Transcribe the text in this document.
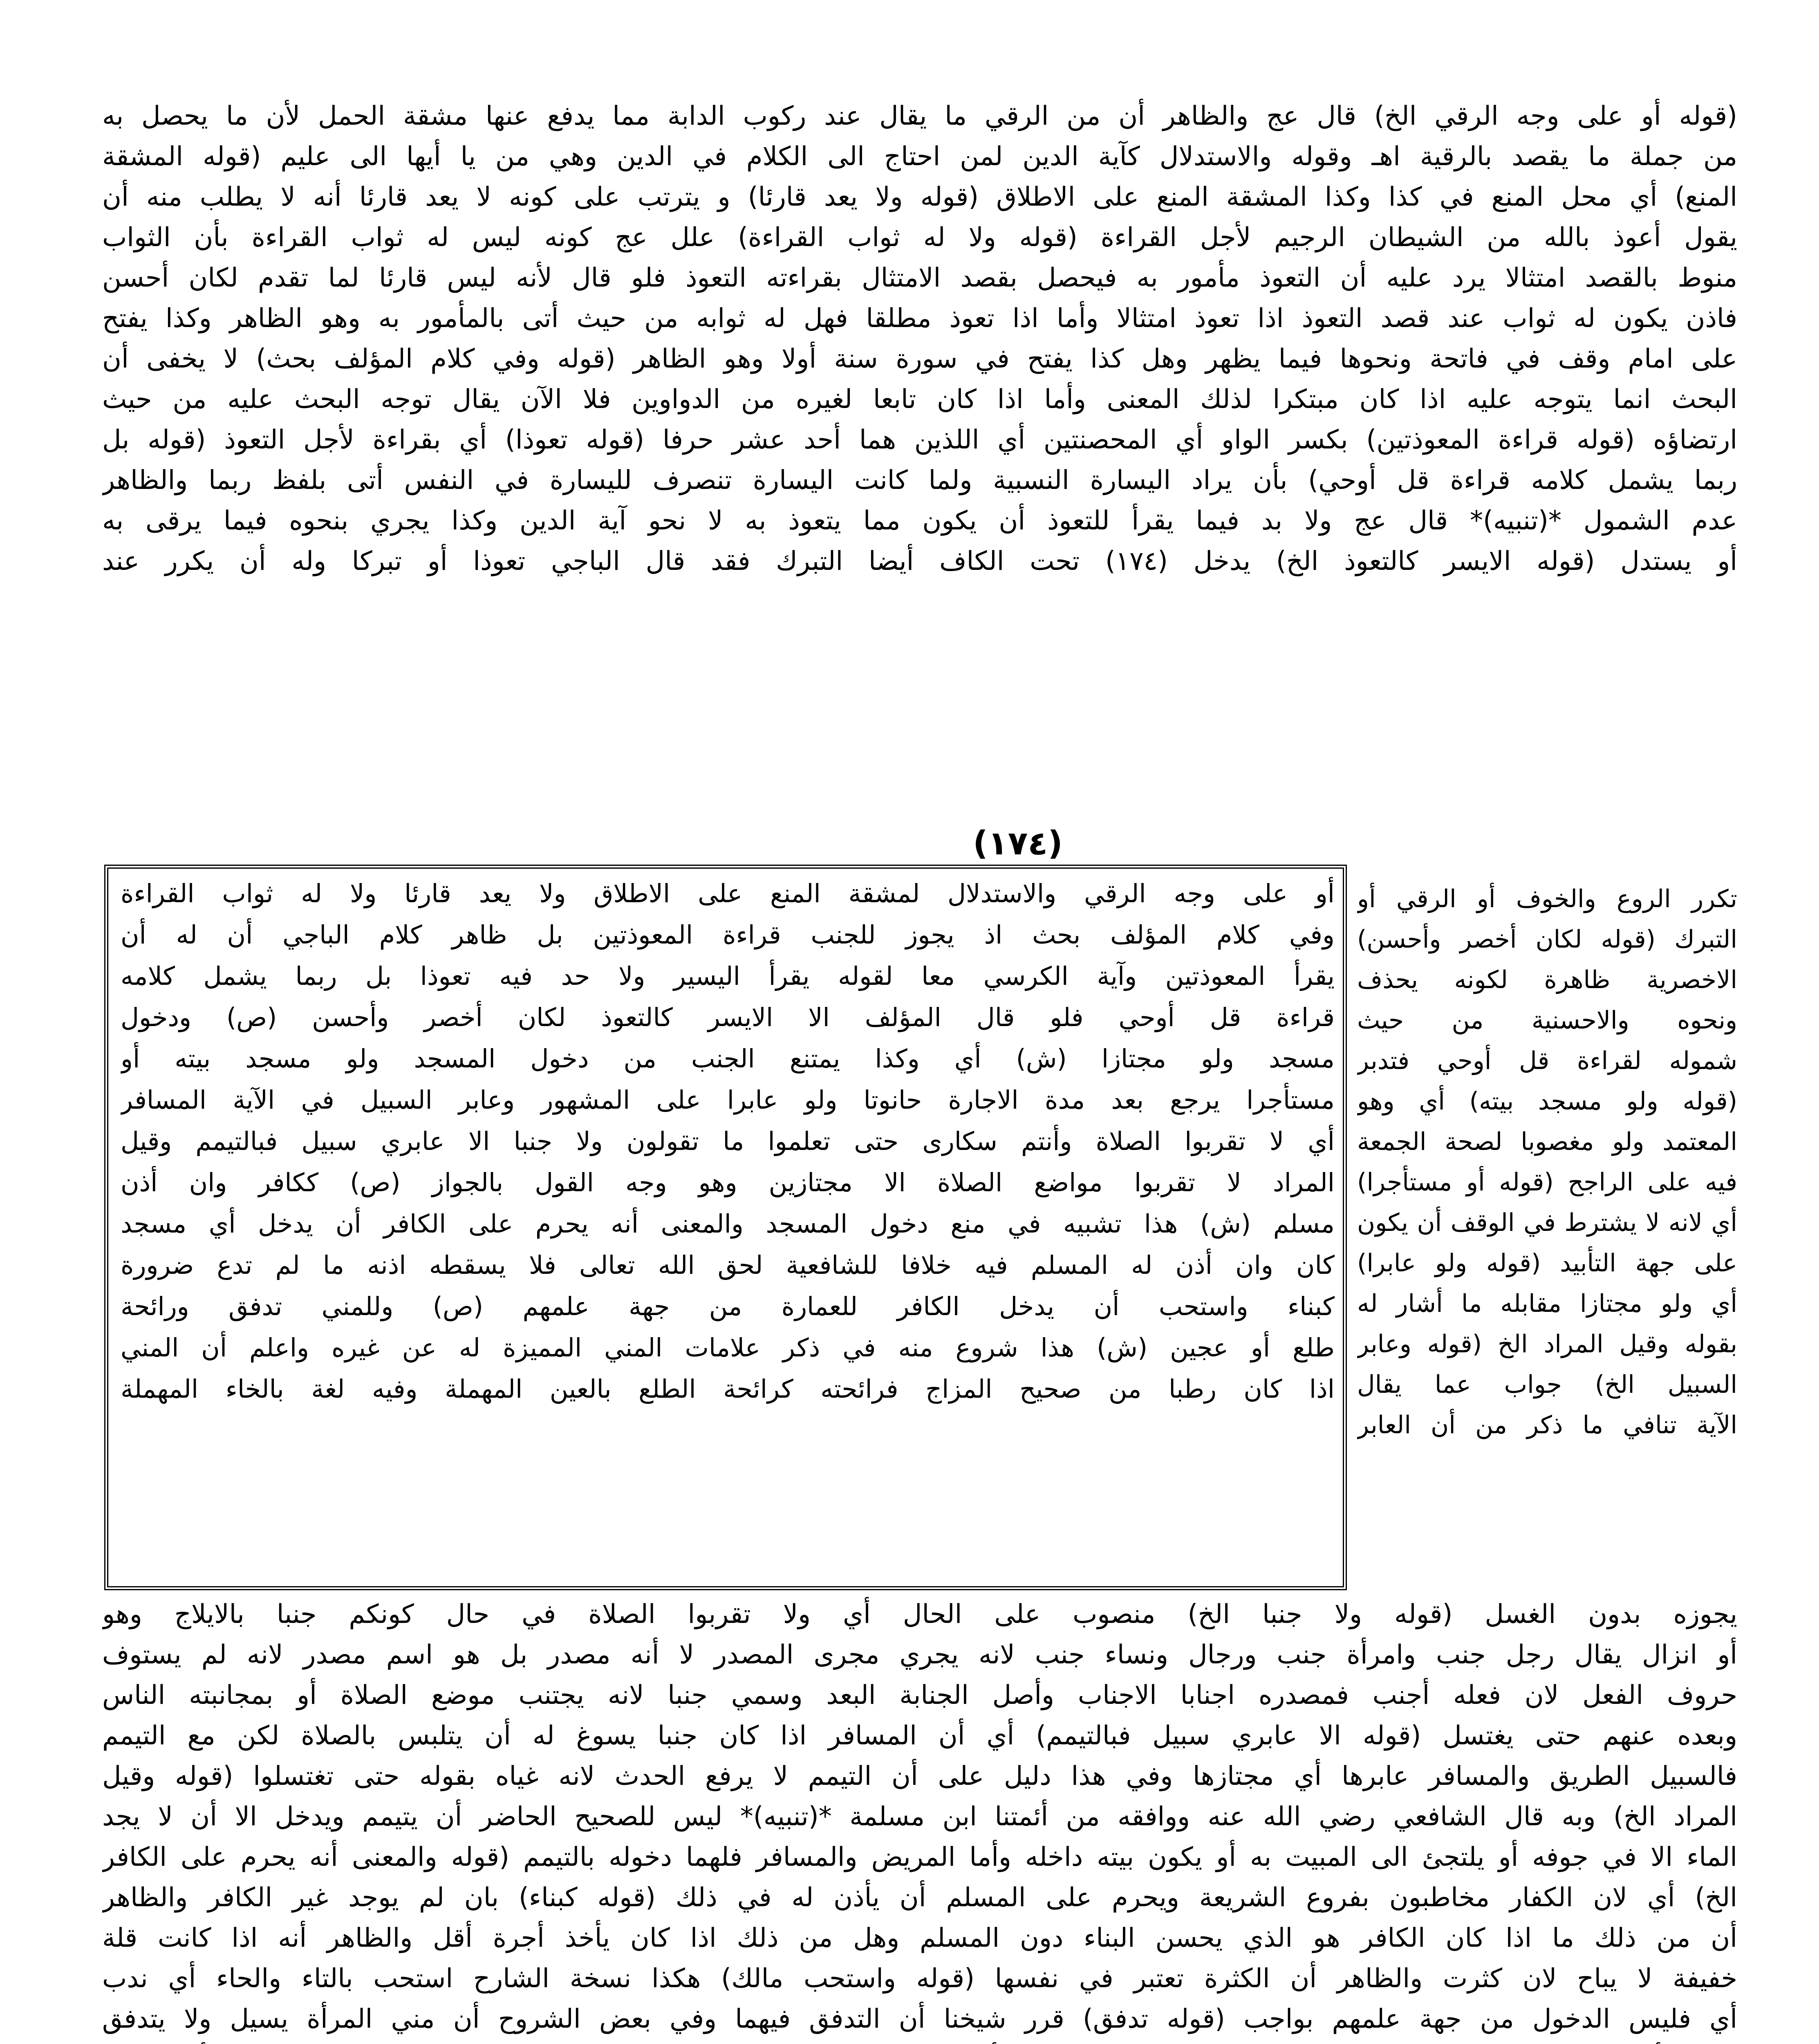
(قوله أو على وجه الرقي الخ) قال عج والظاهر أن من الرقي ما يقال عند ركوب الدابة مما يدفع عنها مشقة الحمل لأن ما يحصل به
من جملة ما يقصد بالرقية اهـ وقوله والاستدلال كآية الدين لمن احتاج الى الكلام في الدين وهي من يا أيها الى عليم (قوله المشقة
المنع) أي محل المنع في كذا وكذا المشقة المنع على الاطلاق (قوله ولا يعد قارئا) و يترتب على كونه لا يعد قارئا أنه لا يطلب منه أن
يقول أعوذ بالله من الشيطان الرجيم لأجل القراءة (قوله ولا له ثواب القراءة) علل عج كونه ليس له ثواب القراءة بأن الثواب
منوط بالقصد امتثالا يرد عليه أن التعوذ مأمور به فيحصل بقصد الامتثال بقراءته التعوذ فلو قال لأنه ليس قارئا لما تقدم لكان أحسن
فاذن يكون له ثواب عند قصد التعوذ اذا تعوذ امتثالا وأما اذا تعوذ مطلقا فهل له ثوابه من حيث أتى بالمأمور به وهو الظاهر وكذا يفتح
على امام وقف في فاتحة ونحوها فيما يظهر وهل كذا يفتح في سورة سنة أولا وهو الظاهر (قوله وفي كلام المؤلف بحث) لا يخفى أن
البحث انما يتوجه عليه اذا كان مبتكرا لذلك المعنى وأما اذا كان تابعا لغيره من الدواوين فلا الآن يقال توجه البحث عليه من حيث
ارتضاؤه (قوله قراءة المعوذتين) بكسر الواو أي المحصنتين أي اللذين هما أحد عشر حرفا (قوله تعوذا) أي بقراءة لأجل التعوذ (قوله بل
ربما يشمل كلامه قراءة قل أوحي) بأن يراد اليسارة النسبية ولما كانت اليسارة تنصرف لليسارة في النفس أتى بلفظ ربما والظاهر
عدم الشمول *(تنبيه)* قال عج ولا بد فيما يقرأ للتعوذ أن يكون مما يتعوذ به لا نحو آية الدين وكذا يجري بنحوه فيما يرقى به
أو يستدل (قوله الايسر كالتعوذ الخ) يدخل (١٧٤) تحت الكاف أيضا التبرك فقد قال الباجي تعوذا أو تبركا وله أن يكرر عند
(١٧٤)
أو على وجه الرقي والاستدلال لمشقة المنع على الاطلاق ولا يعد قارئا ولا له ثواب القراءة
وفي كلام المؤلف بحث اذ يجوز للجنب قراءة المعوذتين بل ظاهر كلام الباجي أن له أن
يقرأ المعوذتين وآية الكرسي معا لقوله يقرأ اليسير ولا حد فيه تعوذا بل ربما يشمل كلامه
قراءة قل أوحي فلو قال المؤلف الا الايسر كالتعوذ لكان أخصر وأحسن (ص) ودخول
مسجد ولو مجتازا (ش) أي وكذا يمتنع الجنب من دخول المسجد ولو مسجد بيته أو
مستأجرا يرجع بعد مدة الاجارة حانوتا ولو عابرا على المشهور وعابر السبيل في الآية المسافر
أي لا تقربوا الصلاة وأنتم سكارى حتى تعلموا ما تقولون ولا جنبا الا عابري سبيل فبالتيمم وقيل
المراد لا تقربوا مواضع الصلاة الا مجتازين وهو وجه القول بالجواز (ص) ككافر وان أذن
مسلم (ش) هذا تشبيه في منع دخول المسجد والمعنى أنه يحرم على الكافر أن يدخل أي مسجد
كان وان أذن له المسلم فيه خلافا للشافعية لحق الله تعالى فلا يسقطه اذنه ما لم تدع ضرورة
كبناء واستحب أن يدخل الكافر للعمارة من جهة علمهم (ص) وللمني تدفق ورائحة
طلع أو عجين (ش) هذا شروع منه في ذكر علامات المني المميزة له عن غيره واعلم أن المني
اذا كان رطبا من صحيح المزاج فرائحته كرائحة الطلع بالعين المهملة وفيه لغة بالخاء المهملة
تكرر الروع والخوف أو الرقي أو
التبرك (قوله لكان أخصر وأحسن)
الاخصرية ظاهرة لكونه يحذف
ونحوه والاحسنية من حيث
شموله لقراءة قل أوحي فتدبر
(قوله ولو مسجد بيته) أي وهو
المعتمد ولو مغصوبا لصحة الجمعة
فيه على الراجح (قوله أو مستأجرا)
أي لانه لا يشترط في الوقف أن يكون
على جهة التأبيد (قوله ولو عابرا)
أي ولو مجتازا مقابله ما أشار له
بقوله وقيل المراد الخ (قوله وعابر
السبيل الخ) جواب عما يقال
الآية تنافي ما ذكر من أن العابر
يجوزه بدون الغسل (قوله ولا جنبا الخ) منصوب على الحال أي ولا تقربوا الصلاة في حال كونكم جنبا بالايلاج وهو
أو انزال يقال رجل جنب وامرأة جنب ورجال ونساء جنب لانه يجري مجرى المصدر لا أنه مصدر بل هو اسم مصدر لانه لم يستوف
حروف الفعل لان فعله أجنب فمصدره اجنابا الاجناب وأصل الجنابة البعد وسمي جنبا لانه يجتنب موضع الصلاة أو بمجانبته الناس
وبعده عنهم حتى يغتسل (قوله الا عابري سبيل فبالتيمم) أي أن المسافر اذا كان جنبا يسوغ له أن يتلبس بالصلاة لكن مع التيمم
فالسبيل الطريق والمسافر عابرها أي مجتازها وفي هذا دليل على أن التيمم لا يرفع الحدث لانه غياه بقوله حتى تغتسلوا (قوله وقيل
المراد الخ) وبه قال الشافعي رضي الله عنه ووافقه من أئمتنا ابن مسلمة *(تنبيه)* ليس للصحيح الحاضر أن يتيمم ويدخل الا أن لا يجد
الماء الا في جوفه أو يلتجئ الى المبيت به أو يكون بيته داخله وأما المريض والمسافر فلهما دخوله بالتيمم (قوله والمعنى أنه يحرم على الكافر
الخ) أي لان الكفار مخاطبون بفروع الشريعة ويحرم على المسلم أن يأذن له في ذلك (قوله كبناء) بان لم يوجد غير الكافر والظاهر
أن من ذلك ما اذا كان الكافر هو الذي يحسن البناء دون المسلم وهل من ذلك اذا كان يأخذ أجرة أقل والظاهر أنه اذا كانت قلة
خفيفة لا يباح لان كثرت والظاهر أن الكثرة تعتبر في نفسها (قوله واستحب مالك) هكذا نسخة الشارح استحب بالتاء والحاء أي ندب
أي فليس الدخول من جهة علمهم بواجب (قوله تدفق) قرر شيخنا أن التدفق فيهما وفي بعض الشروح أن مني المرأة يسيل ولا يتدفق
